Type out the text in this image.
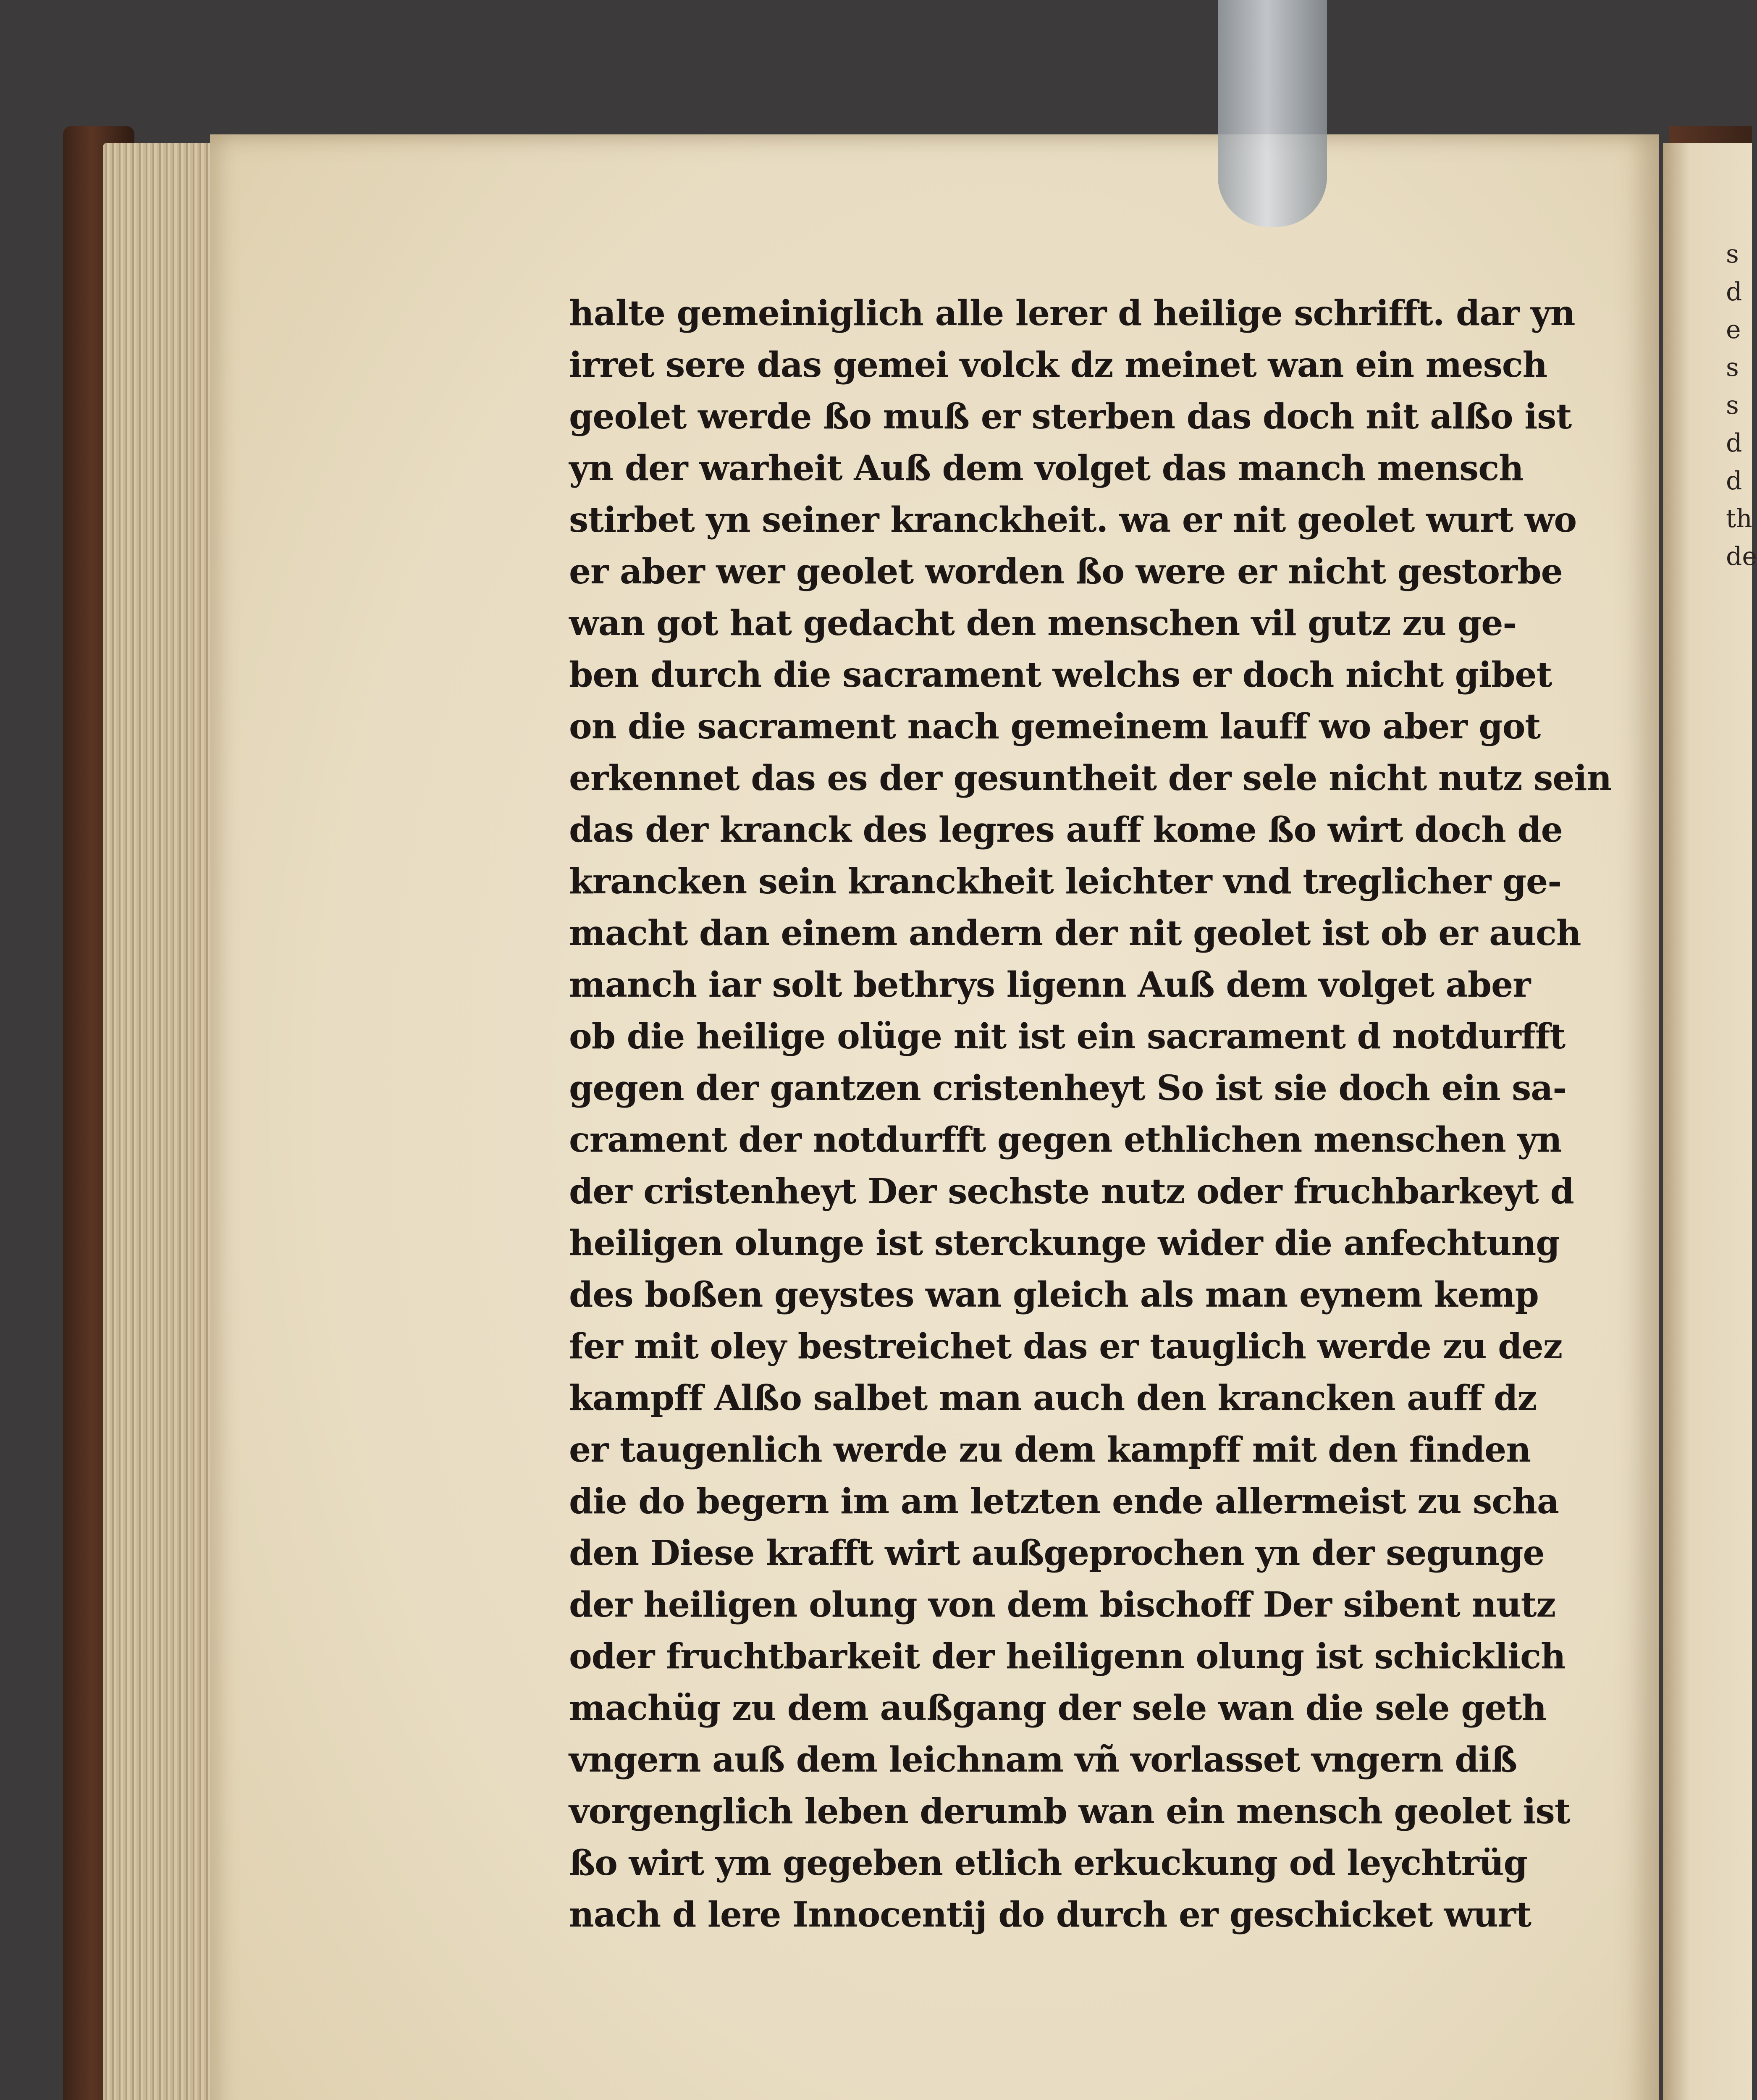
s
d
e
s
s
d
d
th
de
halte gemeiniglich alle lerer d heilige schrifft. dar yn
irret sere das gemei volck dz meinet wan ein mesch
geolet werde ßo muß er sterben das doch nit alßo ist
yn der warheit Auß dem volget das manch mensch
stirbet yn seiner kranckheit. wa er nit geolet wurt wo
er aber wer geolet worden ßo were er nicht gestorbe
wan got hat gedacht den menschen vil gutz zu ge-
ben durch die sacrament welchs er doch nicht gibet
on die sacrament nach gemeinem lauff wo aber got
erkennet das es der gesuntheit der sele nicht nutz sein
das der kranck des legres auff kome ßo wirt doch de
krancken sein kranckheit leichter vnd treglicher ge-
macht dan einem andern der nit geolet ist ob er auch
manch iar solt bethrys ligenn Auß dem volget aber
ob die heilige olüge nit ist ein sacrament d notdurfft
gegen der gantzen cristenheyt So ist sie doch ein sa-
crament der notdurfft gegen ethlichen menschen yn
der cristenheyt Der sechste nutz oder fruchbarkeyt d
heiligen olunge ist sterckunge wider die anfechtung
des boßen geystes wan gleich als man eynem kemp
fer mit oley bestreichet das er tauglich werde zu dez
kampff Alßo salbet man auch den krancken auff dz
er taugenlich werde zu dem kampff mit den finden
die do begern im am letzten ende allermeist zu scha
den Diese krafft wirt außgeprochen yn der segunge
der heiligen olung von dem bischoff Der sibent nutz
oder fruchtbarkeit der heiligenn olung ist schicklich
machüg zu dem außgang der sele wan die sele geth
vngern auß dem leichnam vñ vorlasset vngern diß
vorgenglich leben derumb wan ein mensch geolet ist
ßo wirt ym gegeben etlich erkuckung od leychtrüg
nach d lere Innocentij do durch er geschicket wurt
